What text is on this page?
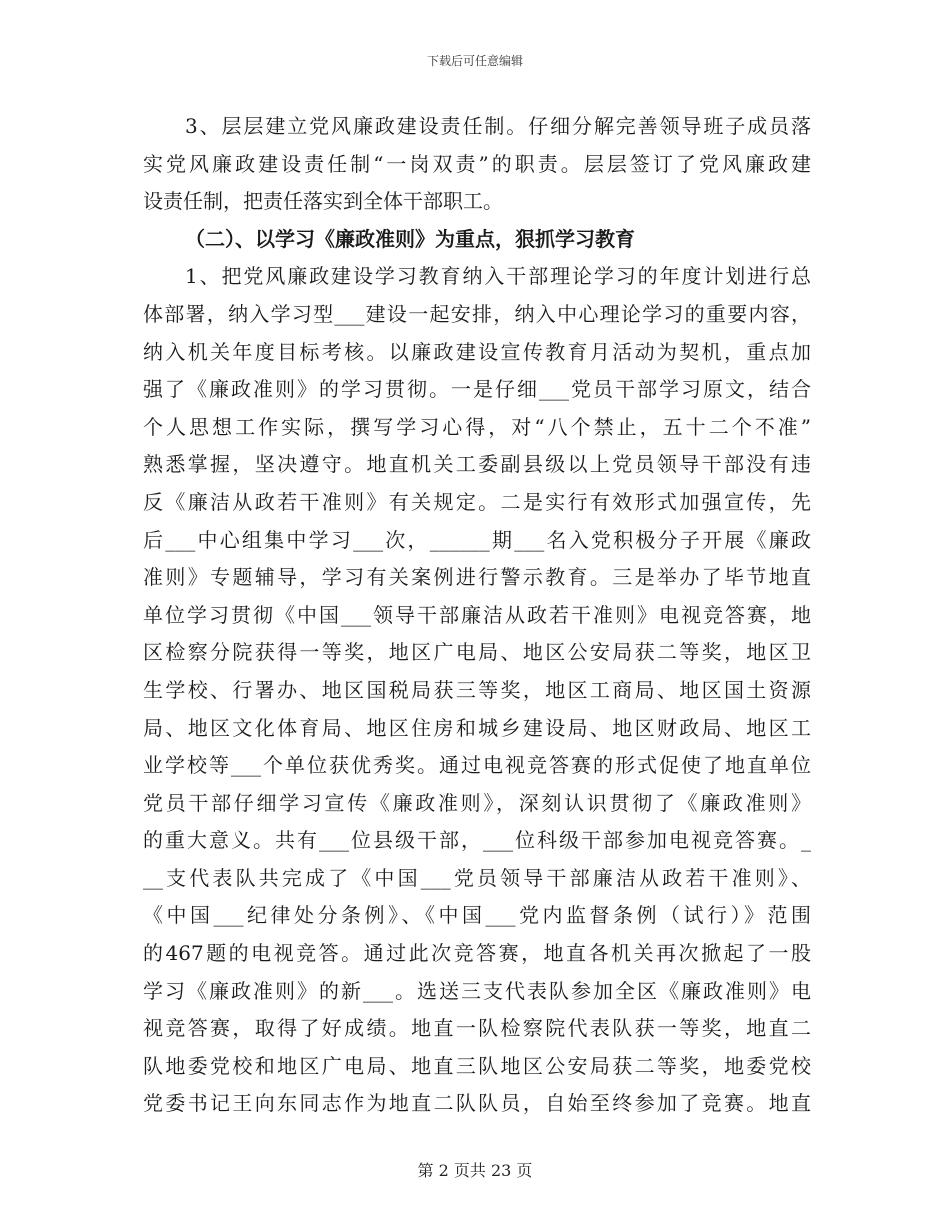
下载后可任意编辑
3、层层建立党风廉政建设责任制。仔细分解完善领导班子成员落
实党风廉政建设责任制“一岗双责”的职责。层层签订了党风廉政建
设责任制，把责任落实到全体干部职工。
（二）、以学习《廉政准则》为重点，狠抓学习教育
1、把党风廉政建设学习教育纳入干部理论学习的年度计划进行总
体部署，纳入学习型___建设一起安排，纳入中心理论学习的重要内容，
纳入机关年度目标考核。以廉政建设宣传教育月活动为契机，重点加
强了《廉政准则》的学习贯彻。一是仔细___党员干部学习原文，结合
个人思想工作实际，撰写学习心得，对“八个禁止，五十二个不准”
熟悉掌握，坚决遵守。地直机关工委副县级以上党员领导干部没有违
反《廉洁从政若干准则》有关规定。二是实行有效形式加强宣传，先
后___中心组集中学习___次，______期___名入党积极分子开展《廉政
准则》专题辅导，学习有关案例进行警示教育。三是举办了毕节地直
单位学习贯彻《中国___领导干部廉洁从政若干准则》电视竞答赛，地
区检察分院获得一等奖，地区广电局、地区公安局获二等奖，地区卫
生学校、行署办、地区国税局获三等奖，地区工商局、地区国土资源
局、地区文化体育局、地区住房和城乡建设局、地区财政局、地区工
业学校等___个单位获优秀奖。通过电视竞答赛的形式促使了地直单位
党员干部仔细学习宣传《廉政准则》，深刻认识贯彻了《廉政准则》
的重大意义。共有___位县级干部，___位科级干部参加电视竞答赛。_
__支代表队共完成了《中国___党员领导干部廉洁从政若干准则》、
《中国___纪律处分条例》、《中国___党内监督条例（试行）》范围
的467题的电视竞答。通过此次竞答赛，地直各机关再次掀起了一股
学习《廉政准则》的新___。选送三支代表队参加全区《廉政准则》电
视竞答赛，取得了好成绩。地直一队检察院代表队获一等奖，地直二
队地委党校和地区广电局、地直三队地区公安局获二等奖，地委党校
党委书记王向东同志作为地直二队队员，自始至终参加了竞赛。地直
第 2 页共 23 页
